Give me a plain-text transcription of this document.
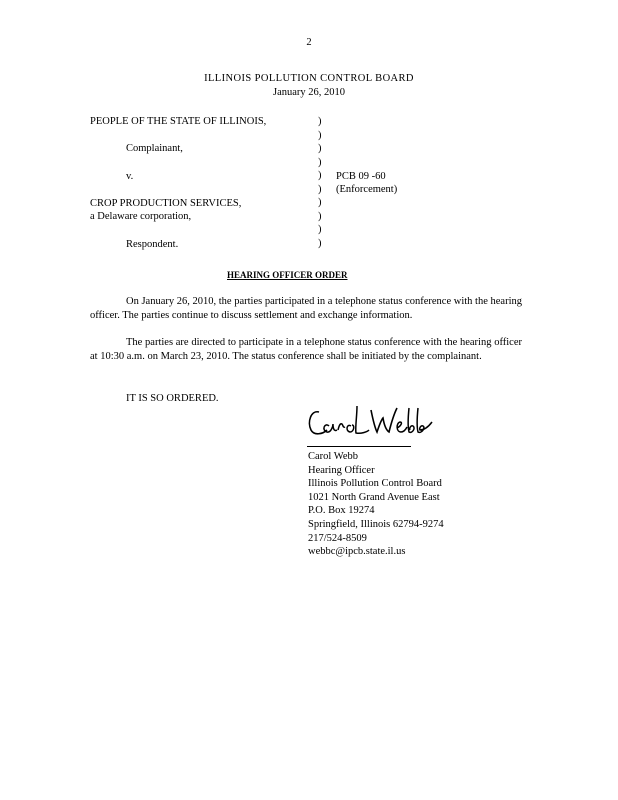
2
ILLINOIS POLLUTION CONTROL BOARD
January 26, 2010
PEOPLE OF THE STATE OF ILLINOIS,
Complainant,
v.
CROP PRODUCTION SERVICES,
a Delaware corporation,
Respondent.
)
)
)
)
)
)
)
)
)
)
PCB 09 -60
(Enforcement)
HEARING OFFICER ORDER
On January 26, 2010, the parties participated in a telephone status conference with the hearing officer. The parties continue to discuss settlement and exchange information.
The parties are directed to participate in a telephone status conference with the hearing officer at 10:30 a.m. on March 23, 2010. The status conference shall be initiated by the complainant.
IT IS SO ORDERED.
Carol Webb
Hearing Officer
Illinois Pollution Control Board
1021 North Grand Avenue East
P.O. Box 19274
Springfield, Illinois 62794-9274
217/524-8509
webbc@ipcb.state.il.us
